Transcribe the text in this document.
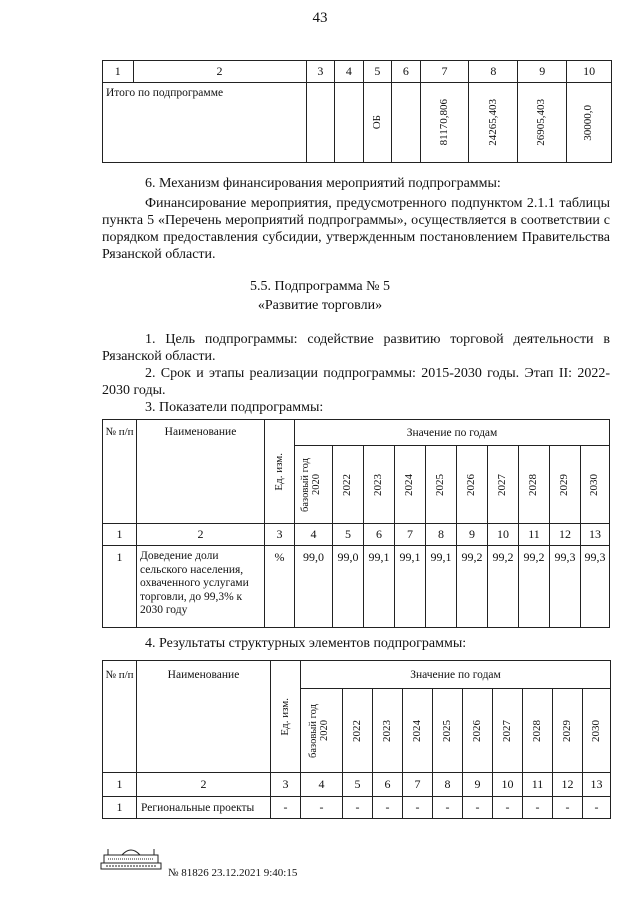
43
1	2	3	4	5	6	7	8	9	10
Итого по подпрограмме				ОБ		81170,806	24265,403	26905,403	30000,0
6. Механизм финансирования мероприятий подпрограммы:
Финансирование мероприятия, предусмотренного подпунктом 2.1.1 таблицы пункта 5 «Перечень мероприятий подпрограммы», осуществляется в соответствии с порядком предоставления субсидии, утвержденным постановлением Правительства Рязанской области.
5.5. Подпрограмма № 5
«Развитие торговли»
1. Цель подпрограммы: содействие развитию торговой деятельности в Рязанской области.
2. Срок и этапы реализации подпрограммы: 2015-2030 годы. Этап II: 2022-2030 годы.
3. Показатели подпрограммы:
№ п/п	Наименование	Ед. изм.	Значение по годам									

			базовый год 2020	2022	2023	2024	2025	2026	2027	2028	2029	2030

1	2	3	4	5	6	7	8	9	10	11	12	13
1	Доведение доли сельского населения, охваченного услугами торговли, до 99,3% к 2030 году	%	99,0	99,0	99,1	99,1	99,1	99,2	99,2	99,2	99,3	99,3
4. Результаты структурных элементов подпрограммы:
№ п/п	Наименование	Ед. изм.	Значение по годам									

			базовый год 2020	2022	2023	2024	2025	2026	2027	2028	2029	2030

1	2	3	4	5	6	7	8	9	10	11	12	13
1	Региональные проекты	-	-	-	-	-	-	-	-	-	-	-
№ 81826 23.12.2021 9:40:15
